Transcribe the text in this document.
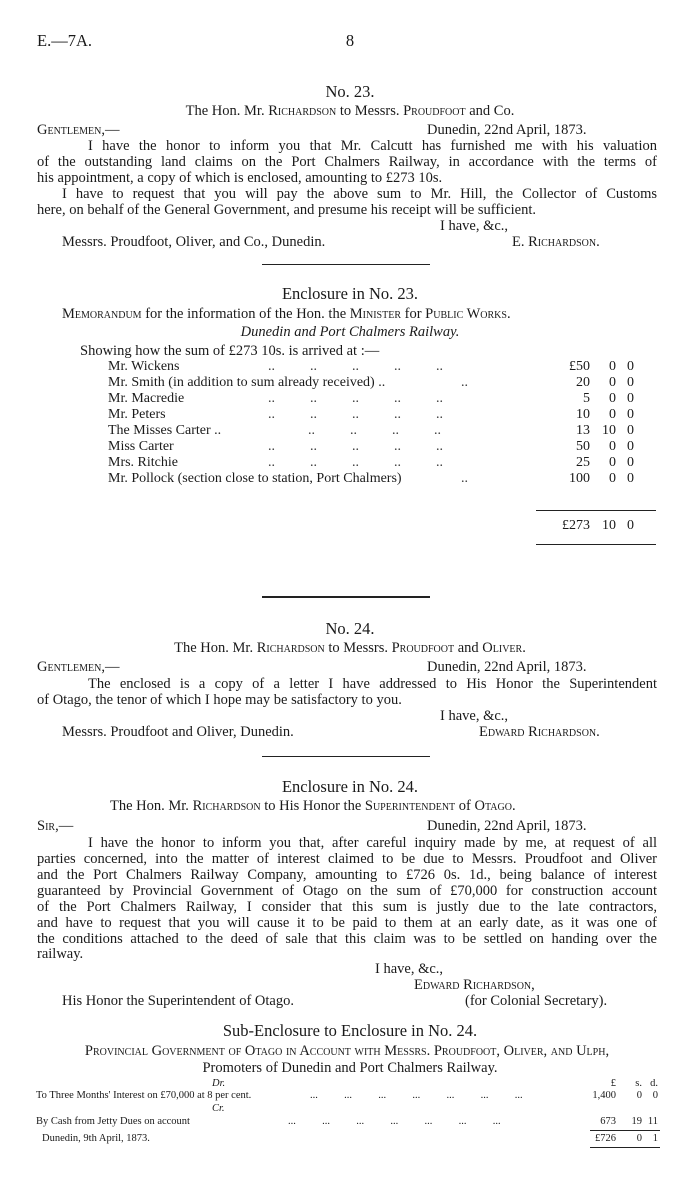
E.—7A.	8
No. 23.
The Hon. Mr. Richardson to Messrs. Proudfoot and Co.
Gentlemen,—	Dunedin, 22nd April, 1873.
I have the honor to inform you that Mr. Calcutt has furnished me with his valuation
of the outstanding land claims on the Port Chalmers Railway, in accordance with the terms of
his appointment, a copy of which is enclosed, amounting to £273 10s.
I have to request that you will pay the above sum to Mr. Hill, the Collector of Customs
here, on behalf of the General Government, and presume his receipt will be sufficient.
I have, &c.,
Messrs. Proudfoot, Oliver, and Co., Dunedin.	E. Richardson.
Enclosure in No. 23.
Memorandum for the information of the Hon. the Minister for Public Works.
Dunedin and Port Chalmers Railway.
Showing how the sum of £273 10s. is arrived at :—
Mr. Wickens	..          ..          ..          ..          ..	£50	0 0
Mr. Smith (in addition to sum already received) ..	..	20	0 0
Mr. Macredie	..          ..          ..          ..          ..	5	0 0
Mr. Peters	..          ..          ..          ..          ..	10	0 0
The Misses Carter ..	..          ..          ..          ..	13 10 0
Miss Carter	..          ..          ..          ..          ..	50	0 0
Mrs. Ritchie	..          ..          ..          ..          ..	25	0 0
Mr. Pollock (section close to station, Port Chalmers)	..	100	0 0
£273 10 0
No. 24.
The Hon. Mr. Richardson to Messrs. Proudfoot and Oliver.
Gentlemen,—	Dunedin, 22nd April, 1873.
The enclosed is a copy of a letter I have addressed to His Honor the Superintendent
of Otago, the tenor of which I hope may be satisfactory to you.
I have, &c.,
Messrs. Proudfoot and Oliver, Dunedin.	Edward Richardson.
Enclosure in No. 24.
The Hon. Mr. Richardson to His Honor the Superintendent of Otago.
Sir,—	Dunedin, 22nd April, 1873.
I have the honor to inform you that, after careful inquiry made by me, at request of all
parties concerned, into the matter of interest claimed to be due to Messrs. Proudfoot and Oliver
and the Port Chalmers Railway Company, amounting to £726 0s. 1d., being balance of interest
guaranteed by Provincial Government of Otago on the sum of £70,000 for construction account
of the Port Chalmers Railway, I consider that this sum is justly due to the late contractors,
and have to request that you will cause it to be paid to them at an early date, as it was one of
the conditions attached to the deed of sale that this claim was to be settled on handing over the
railway.
I have, &c.,
Edward Richardson,
His Honor the Superintendent of Otago.	(for Colonial Secretary).
Sub-Enclosure to Enclosure in No. 24.
Provincial Government of Otago in Account with Messrs. Proudfoot, Oliver, and Ulph,
Promoters of Dunedin and Port Chalmers Railway.
Dr.	£ s. d.
To Three Months' Interest on £70,000 at 8 per cent.	...          ...          ...          ...          ...          ...          ...	1,400 0 0
Cr.
By Cash from Jetty Dues on account	...          ...          ...          ...          ...          ...          ...	673 19 11
Dunedin, 9th April, 1873.	£726 0 1
